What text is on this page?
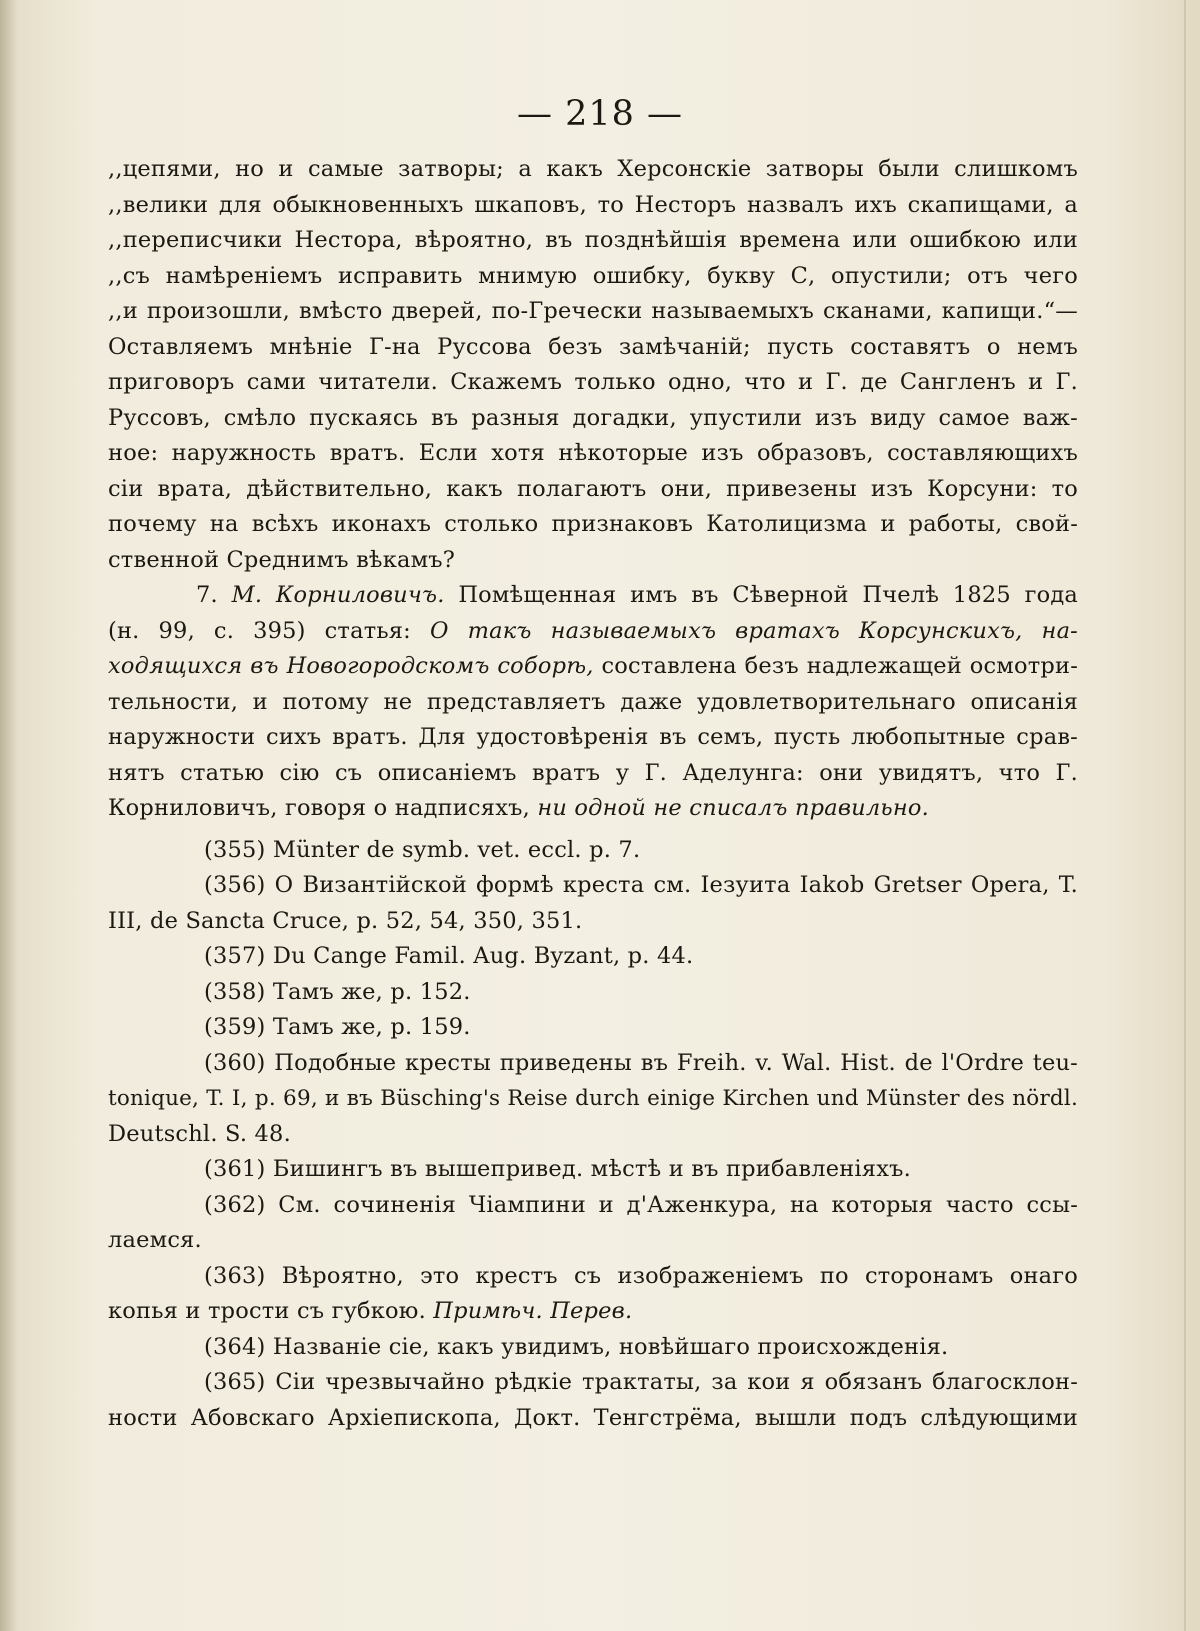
— 218 —
,,цепями, но и самые затворы; а какъ Херсонскіе затворы были слишкомъ
,,велики для обыкновенныхъ шкаповъ, то Несторъ назвалъ ихъ скапищами, а
,,переписчики Нестора, вѣроятно, въ позднѣйшія времена или ошибкою или
,,съ намѣреніемъ исправить мнимую ошибку, букву С, опустили; отъ чего
,,и произошли, вмѣсто дверей, по-Гречески называемыхъ сканами, капищи.“—
Оставляемъ мнѣніе Г-на Руссова безъ замѣчаній; пусть составятъ о немъ
приговоръ сами читатели. Скажемъ только одно, что и Г. де Сангленъ и Г.
Руссовъ, смѣло пускаясь въ разныя догадки, упустили изъ виду самое важ-
ное: наружность вратъ. Если хотя нѣкоторые изъ образовъ, составляющихъ
сіи врата, дѣйствительно, какъ полагаютъ они, привезены изъ Корсуни: то
почему на всѣхъ иконахъ столько признаковъ Католицизма и работы, свой-
ственной Среднимъ вѣкамъ?
7. М. Корниловичъ. Помѣщенная имъ въ Сѣверной Пчелѣ 1825 года
(н. 99, с. 395) статья: О такъ называемыхъ вратахъ Корсунскихъ, на-
ходящихся въ Новогородскомъ соборѣ, составлена безъ надлежащей осмотри-
тельности, и потому не представляетъ даже удовлетворительнаго описанія
наружности сихъ вратъ. Для удостовѣренія въ семъ, пусть любопытные срав-
нятъ статью сію съ описаніемъ вратъ у Г. Аделунга: они увидятъ, что Г.
Корниловичъ, говоря о надписяхъ, ни одной не списалъ правильно.
(355) Münter de symb. vet. eccl. p. 7.
(356) О Византійской формѣ креста см. Іезуита Iakob Gretser Opera, T.
III, de Sancta Cruce, p. 52, 54, 350, 351.
(357) Du Cange Famil. Aug. Byzant, p. 44.
(358) Тамъ же, р. 152.
(359) Тамъ же, р. 159.
(360) Подобные кресты приведены въ Freih. v. Wal. Hist. de l'Ordre teu-
tonique, T. I, p. 69, и въ Büsching's Reise durch einige Kirchen und Münster des nördl.
Deutschl. S. 48.
(361) Бишингъ въ вышепривед. мѣстѣ и въ прибавленіяхъ.
(362) См. сочиненія Чіампини и д'Аженкура, на которыя часто ссы-
лаемся.
(363) Вѣроятно, это крестъ съ изображеніемъ по сторонамъ онаго
копья и трости съ губкою. Примѣч. Перев.
(364) Названіе сіе, какъ увидимъ, новѣйшаго происхожденія.
(365) Сіи чрезвычайно рѣдкіе трактаты, за кои я обязанъ благосклон-
ности Абовскаго Архіепископа, Докт. Тенгстрёма, вышли подъ слѣдующими
